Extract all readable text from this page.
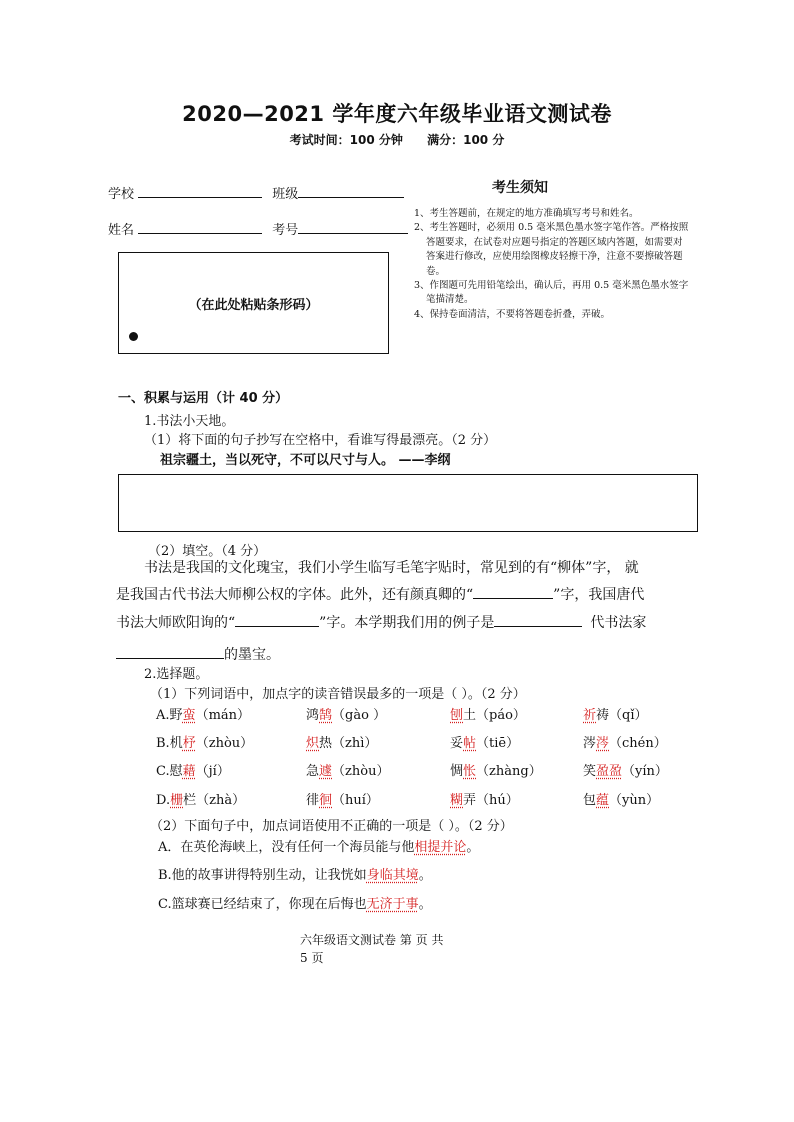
2020—2021 学年度六年级毕业语文测试卷
考试时间：100 分钟 满分：100 分
学校	班级
姓名	考号
（在此处粘贴条形码）
考生须知
1、考生答题前，在规定的地方准确填写考号和姓名。
2、考生答题时，必须用 0.5 毫米黑色墨水签字笔作答。严格按照答题要求，在试卷对应题号指定的答题区域内答题，如需要对答案进行修改，应使用绘图橡皮轻擦干净，注意不要擦破答题卷。
3、作图题可先用铅笔绘出，确认后，再用 0.5 毫米黑色墨水签字笔描清楚。
4、保持卷面清洁，不要将答题卷折叠，弄破。
一、积累与运用（计 40 分）
1.书法小天地。
（1）将下面的句子抄写在空格中，看谁写得最漂亮。（2 分）
祖宗疆土，当以死守，不可以尺寸与人。 ——李纲
（2）填空。（4 分）
书法是我国的文化瑰宝，我们小学生临写毛笔字贴时，常见到的有“柳体”字， 就
是我国古代书法大师柳公权的字体。此外，还有颜真卿的“	”字，我国唐代
书法大师欧阳询的“	”字。本学期我们用的例子是	代书法家
的墨宝。
2.选择题。
（1）下列词语中，加点字的读音错误最多的一项是（ ）。（2 分）
A.野蛮（mán）	鸿鹄（gào ）	刨土（páo）	祈祷（qǐ）
B.机杼（zhòu）	炽热（zhì）	妥帖（tiē）	涔涔（chén）
C.慰藉（jí）	急遽（zhòu）	惆怅（zhàng）	笑盈盈（yín）
D.栅栏（zhà）	徘徊（huí）	糊弄（hú）	包蕴（yùn）
（2）下面句子中，加点词语使用不正确的一项是（ ）。（2 分）
A．在英伦海峡上，没有任何一个海员能与他相提并论。
B.他的故事讲得特别生动，让我恍如身临其境。
C.篮球赛已经结束了，你现在后悔也无济于事。
六年级语文测试卷 第 页 共
5 页
